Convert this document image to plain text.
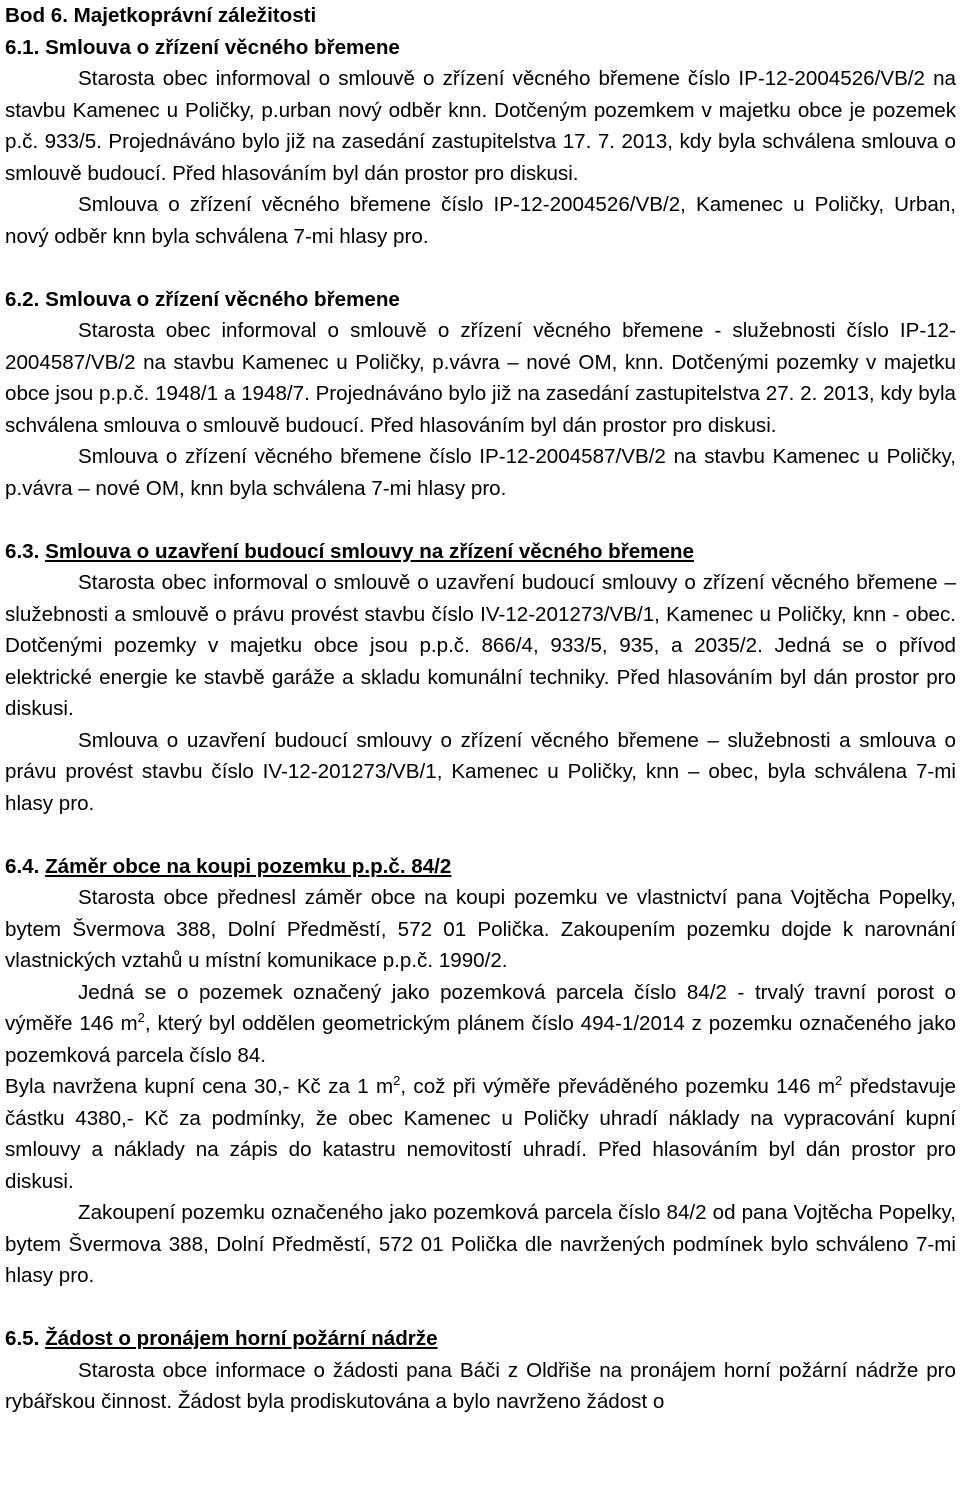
Bod 6. Majetkoprávní záležitosti

6.1. Smlouva o zřízení věcného břemene

Starosta obec informoval o smlouvě o zřízení věcného břemene číslo IP-12-2004526/VB/2 na stavbu Kamenec u Poličky, p.urban nový odběr knn. Dotčeným pozemkem v majetku obce je pozemek p.č. 933/5. Projednáváno bylo již na zasedání zastupitelstva 17. 7. 2013, kdy byla schválena smlouva o smlouvě budoucí. Před hlasováním byl dán prostor pro diskusi.

Smlouva o zřízení věcného břemene číslo IP-12-2004526/VB/2, Kamenec u Poličky, Urban, nový odběr knn byla schválena 7-mi hlasy pro.

6.2. Smlouva o zřízení věcného břemene

Starosta obec informoval o smlouvě o zřízení věcného břemene - služebnosti číslo IP-12-2004587/VB/2 na stavbu Kamenec u Poličky, p.vávra – nové OM, knn. Dotčenými pozemky v majetku obce jsou p.p.č. 1948/1 a 1948/7. Projednáváno bylo již na zasedání zastupitelstva 27. 2. 2013, kdy byla schválena smlouva o smlouvě budoucí. Před hlasováním byl dán prostor pro diskusi.

Smlouva o zřízení věcného břemene číslo IP-12-2004587/VB/2 na stavbu Kamenec u Poličky, p.vávra – nové OM, knn byla schválena 7-mi hlasy pro.

6.3. Smlouva o uzavření budoucí smlouvy na zřízení věcného břemene

Starosta obec informoval o smlouvě o uzavření budoucí smlouvy o zřízení věcného břemene – služebnosti a smlouvě o právu provést stavbu číslo IV-12-201273/VB/1, Kamenec u Poličky, knn - obec. Dotčenými pozemky v majetku obce jsou p.p.č. 866/4, 933/5, 935, a 2035/2. Jedná se o přívod elektrické energie ke stavbě garáže a skladu komunální techniky. Před hlasováním byl dán prostor pro diskusi.

Smlouva o uzavření budoucí smlouvy o zřízení věcného břemene – služebnosti a smlouva o právu provést stavbu číslo IV-12-201273/VB/1, Kamenec u Poličky, knn – obec, byla schválena 7-mi hlasy pro.

6.4. Záměr obce na koupi pozemku p.p.č. 84/2

Starosta obce přednesl záměr obce na koupi pozemku ve vlastnictví pana Vojtěcha Popelky, bytem Švermova 388, Dolní Předměstí, 572 01 Polička. Zakoupením pozemku dojde k narovnání vlastnických vztahů u místní komunikace p.p.č. 1990/2.

Jedná se o pozemek označený jako pozemková parcela číslo 84/2 - trvalý travní porost o výměře 146 $m^2$, který byl oddělen geometrickým plánem číslo 494-1/2014 z pozemku označeného jako pozemková parcela číslo 84.

Byla navržena kupní cena 30,- Kč za 1 $m^2$, což při výměře převáděného pozemku 146 $m^2$ představuje částku 4380,- Kč za podmínky, že obec Kamenec u Poličky uhradí náklady na vypracování kupní smlouvy a náklady na zápis do katastru nemovitostí uhradí. Před hlasováním byl dán prostor pro diskusi.

Zakoupení pozemku označeného jako pozemková parcela číslo 84/2 od pana Vojtěcha Popelky, bytem Švermova 388, Dolní Předměstí, 572 01 Polička dle navržených podmínek bylo schváleno 7-mi hlasy pro.

6.5. Žádost o pronájem horní požární nádrže

Starosta obce informace o žádosti pana Báči z Oldřiše na pronájem horní požární nádrže pro rybářskou činnost. Žádost byla prodiskutována a bylo navrženo žádost o
